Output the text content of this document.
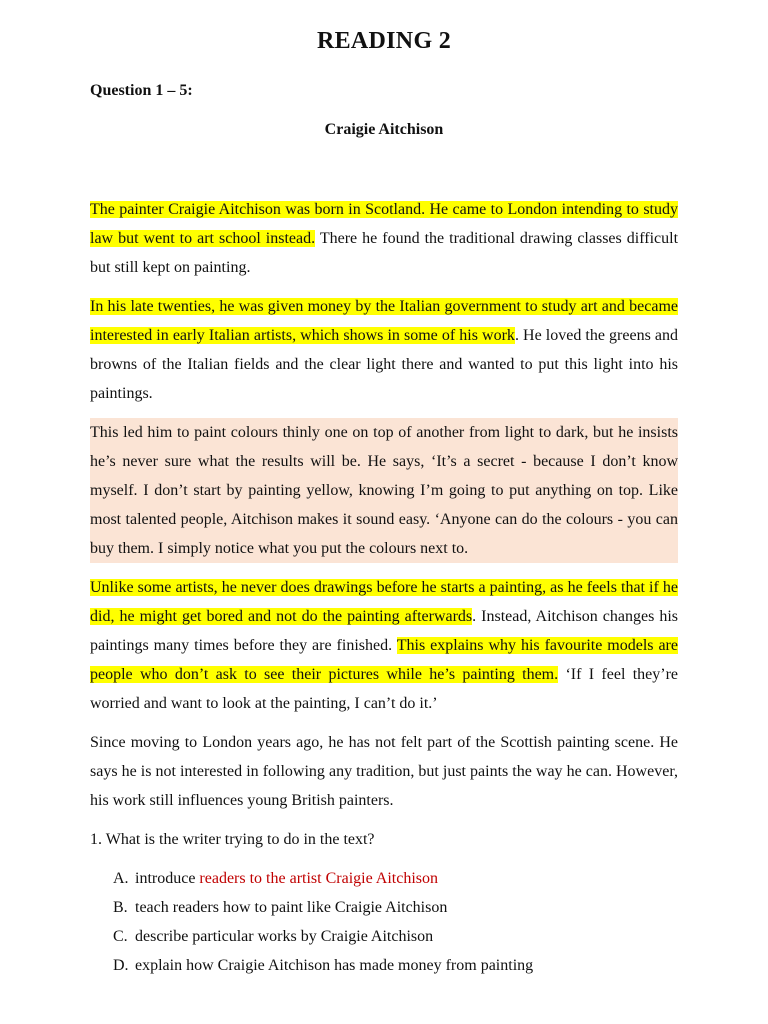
READING 2

Question 1 – 5:

Craigie Aitchison

The painter Craigie Aitchison was born in Scotland. He came to London intending to study law but went to art school instead. There he found the traditional drawing classes difficult but still kept on painting.

In his late twenties, he was given money by the Italian government to study art and became interested in early Italian artists, which shows in some of his work. He loved the greens and browns of the Italian fields and the clear light there and wanted to put this light into his paintings.

This led him to paint colours thinly one on top of another from light to dark, but he insists he’s never sure what the results will be. He says, ‘It’s a secret - because I don’t know myself. I don’t start by painting yellow, knowing I’m going to put anything on top. Like most talented people, Aitchison makes it sound easy. ‘Anyone can do the colours - you can buy them. I simply notice what you put the colours next to.

Unlike some artists, he never does drawings before he starts a painting, as he feels that if he did, he might get bored and not do the painting afterwards. Instead, Aitchison changes his paintings many times before they are finished. This explains why his favourite models are people who don’t ask to see their pictures while he’s painting them. ‘If I feel they’re worried and want to look at the painting, I can’t do it.’

Since moving to London years ago, he has not felt part of the Scottish painting scene. He says he is not interested in following any tradition, but just paints the way he can. However, his work still influences young British painters.

1. What is the writer trying to do in the text?

A. introduce readers to the artist Craigie Aitchison
B. teach readers how to paint like Craigie Aitchison
C. describe particular works by Craigie Aitchison
D. explain how Craigie Aitchison has made money from painting
